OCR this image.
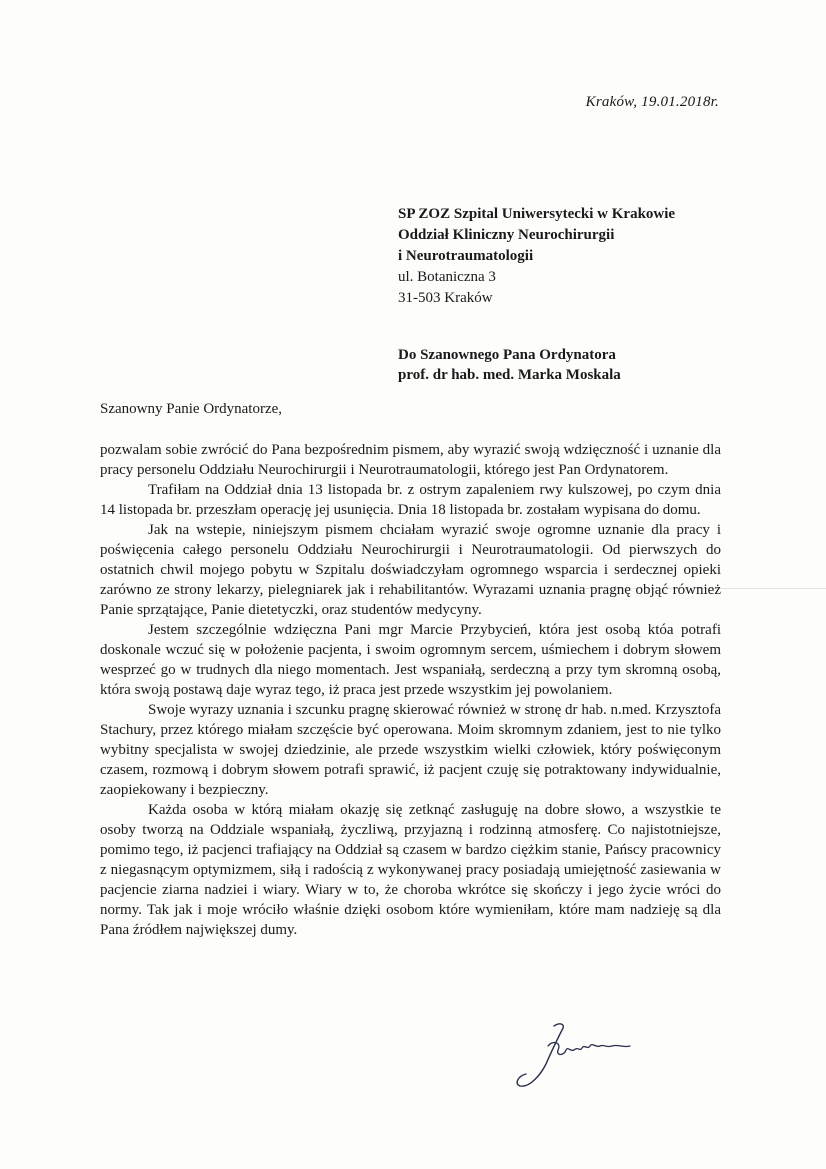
Kraków, 19.01.2018r.
SP ZOZ Szpital Uniwersytecki w Krakowie
Oddział Kliniczny Neurochirurgii
i Neurotraumatologii
ul. Botaniczna 3
31-503 Kraków
Do Szanownego Pana Ordynatora
prof. dr hab. med. Marka Moskala
Szanowny Panie Ordynatorze,

pozwalam sobie zwrócić do Pana bezpośrednim pismem, aby wyrazić swoją wdzięczność i uznanie dla pracy personelu Oddziału Neurochirurgii i Neurotraumatologii, którego jest Pan Ordynatorem.

Trafiłam na Oddział dnia 13 listopada br. z ostrym zapaleniem rwy kulszowej, po czym dnia 14 listopada br. przeszłam operację jej usunięcia. Dnia 18 listopada br. zostałam wypisana do domu.

Jak na wstepie, niniejszym pismem chciałam wyrazić swoje ogromne uznanie dla pracy i poświęcenia całego personelu Oddziału Neurochirurgii i Neurotraumatologii. Od pierwszych do ostatnich chwil mojego pobytu w Szpitalu doświadczyłam ogromnego wsparcia i serdecznej opieki zarówno ze strony lekarzy, pielegniarek jak i rehabilitantów. Wyrazami uznania pragnę objąć również Panie sprzątające, Panie dietetyczki, oraz studentów medycyny.

Jestem szczególnie wdzięczna Pani mgr Marcie Przybycień, która jest osobą któa potrafi doskonale wczuć się w położenie pacjenta, i swoim ogromnym sercem, uśmiechem i dobrym słowem wesprzeć go w trudnych dla niego momentach. Jest wspaniałą, serdeczną a przy tym skromną osobą, która swoją postawą daje wyraz tego, iż praca jest przede wszystkim jej powolaniem.

Swoje wyrazy uznania i szcunku pragnę skierować również w stronę dr hab. n.med. Krzysztofa Stachury, przez którego miałam szczęście być operowana. Moim skromnym zdaniem, jest to nie tylko wybitny specjalista w swojej dziedzinie, ale przede wszystkim wielki człowiek, który poświęconym czasem, rozmową i dobrym słowem potrafi sprawić, iż pacjent czuję się potraktowany indywidualnie, zaopiekowany i bezpieczny.

Każda osoba w którą miałam okazję się zetknąć zasługuję na dobre słowo, a wszystkie te osoby tworzą na Oddziale wspaniałą, życzliwą, przyjazną i rodzinną atmosferę. Co najistotniejsze, pomimo tego, iż pacjenci trafiający na Oddział są czasem w bardzo ciężkim stanie, Pańscy pracownicy z niegasnącym optymizmem, siłą i radością z wykonywanej pracy posiadają umiejętność zasiewania w pacjencie ziarna nadziei i wiary. Wiary w to, że choroba wkrótce się skończy i jego życie wróci do normy. Tak jak i moje wróciło właśnie dzięki osobom które wymieniłam, które mam nadzieję są dla Pana źródłem największej dumy.
